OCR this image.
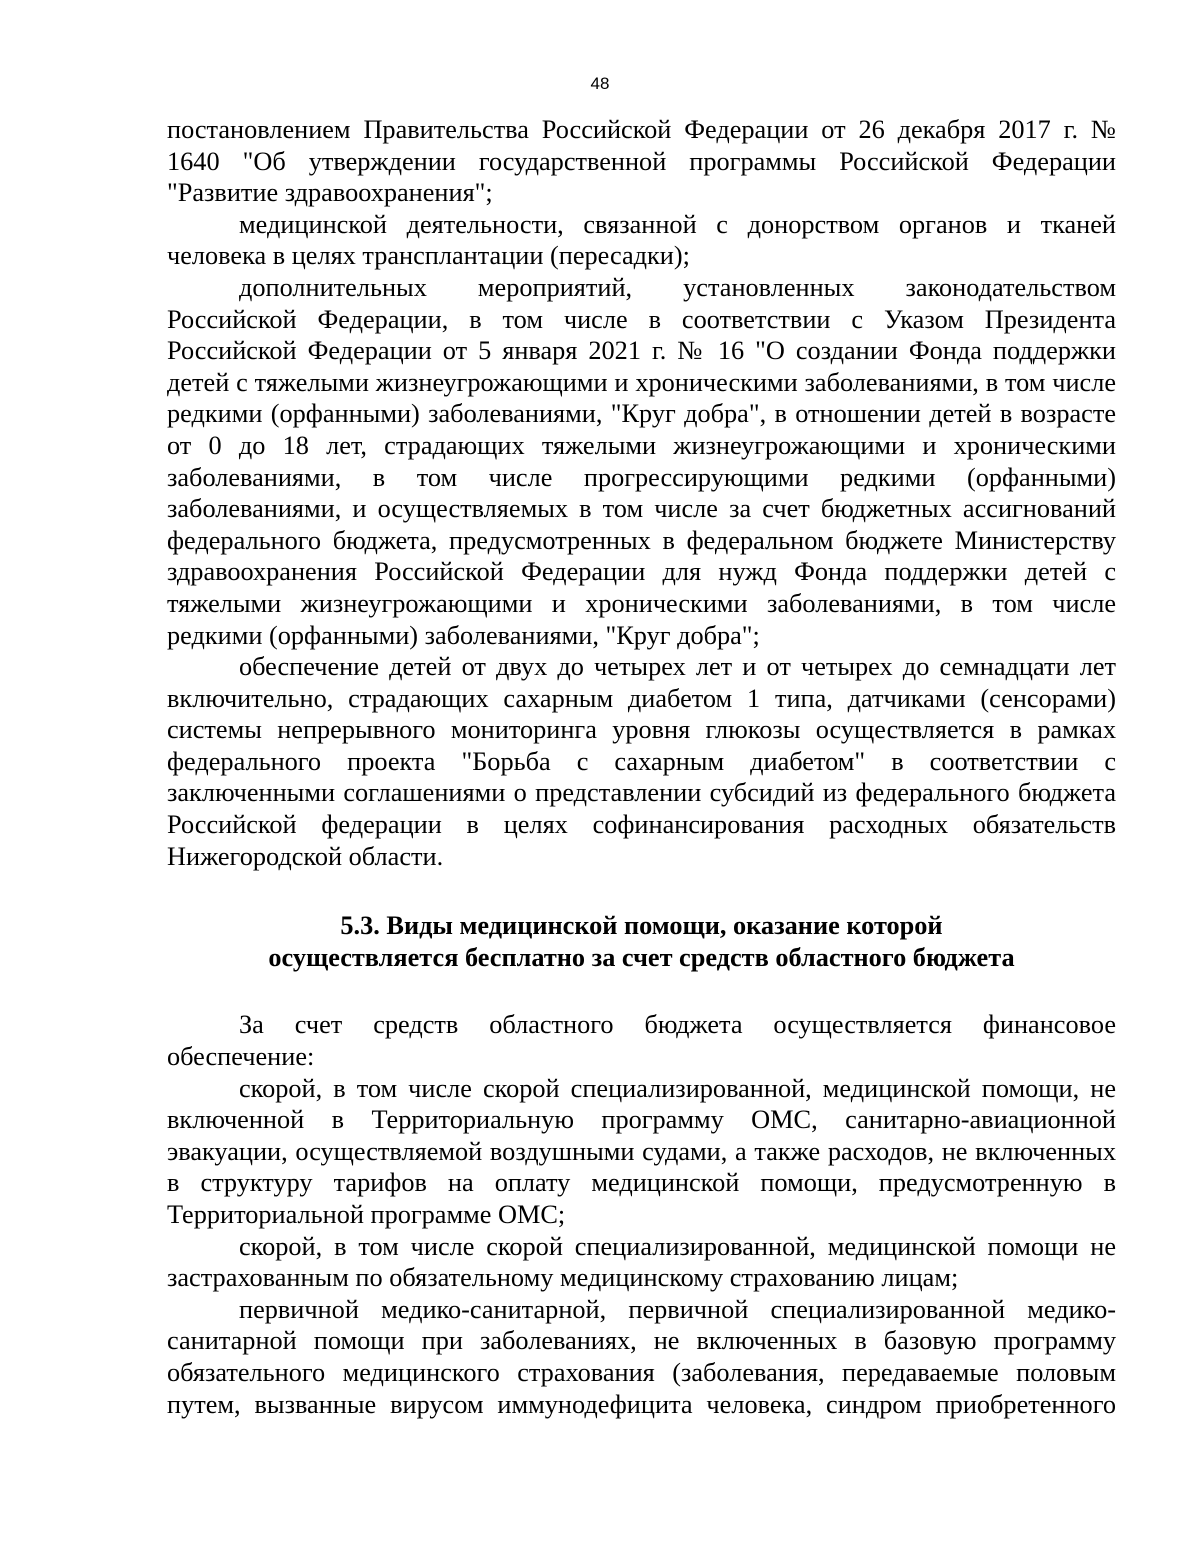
48

постановлением Правительства Российской Федерации от 26 декабря 2017 г. № 1640 "Об утверждении государственной программы Российской Федерации "Развитие здравоохранения";

медицинской деятельности, связанной с донорством органов и тканей человека в целях трансплантации (пересадки);

дополнительных мероприятий, установленных законодательством Российской Федерации, в том числе в соответствии с Указом Президента Российской Федерации от 5 января 2021 г. № 16 "О создании Фонда поддержки детей с тяжелыми жизнеугрожающими и хроническими заболеваниями, в том числе редкими (орфанными) заболеваниями, "Круг добра", в отношении детей в возрасте от 0 до 18 лет, страдающих тяжелыми жизнеугрожающими и хроническими заболеваниями, в том числе прогрессирующими редкими (орфанными) заболеваниями, и осуществляемых в том числе за счет бюджетных ассигнований федерального бюджета, предусмотренных в федеральном бюджете Министерству здравоохранения Российской Федерации для нужд Фонда поддержки детей с тяжелыми жизнеугрожающими и хроническими заболеваниями, в том числе редкими (орфанными) заболеваниями, "Круг добра";

обеспечение детей от двух до четырех лет и от четырех до семнадцати лет включительно, страдающих сахарным диабетом 1 типа, датчиками (сенсорами) системы непрерывного мониторинга уровня глюкозы осуществляется в рамках федерального проекта "Борьба с сахарным диабетом" в соответствии с заключенными соглашениями о представлении субсидий из федерального бюджета Российской федерации в целях софинансирования расходных обязательств Нижегородской области.

5.3. Виды медицинской помощи, оказание которой
осуществляется бесплатно за счет средств областного бюджета

За счет средств областного бюджета осуществляется финансовое обеспечение:

скорой, в том числе скорой специализированной, медицинской помощи, не включенной в Территориальную программу ОМС, санитарно-авиационной эвакуации, осуществляемой воздушными судами, а также расходов, не включенных в структуру тарифов на оплату медицинской помощи, предусмотренную в Территориальной программе ОМС;

скорой, в том числе скорой специализированной, медицинской помощи не застрахованным по обязательному медицинскому страхованию лицам;

первичной медико-санитарной, первичной специализированной медико-санитарной помощи при заболеваниях, не включенных в базовую программу обязательного медицинского страхования (заболевания, передаваемые половым путем, вызванные вирусом иммунодефицита человека, синдром приобретенного
